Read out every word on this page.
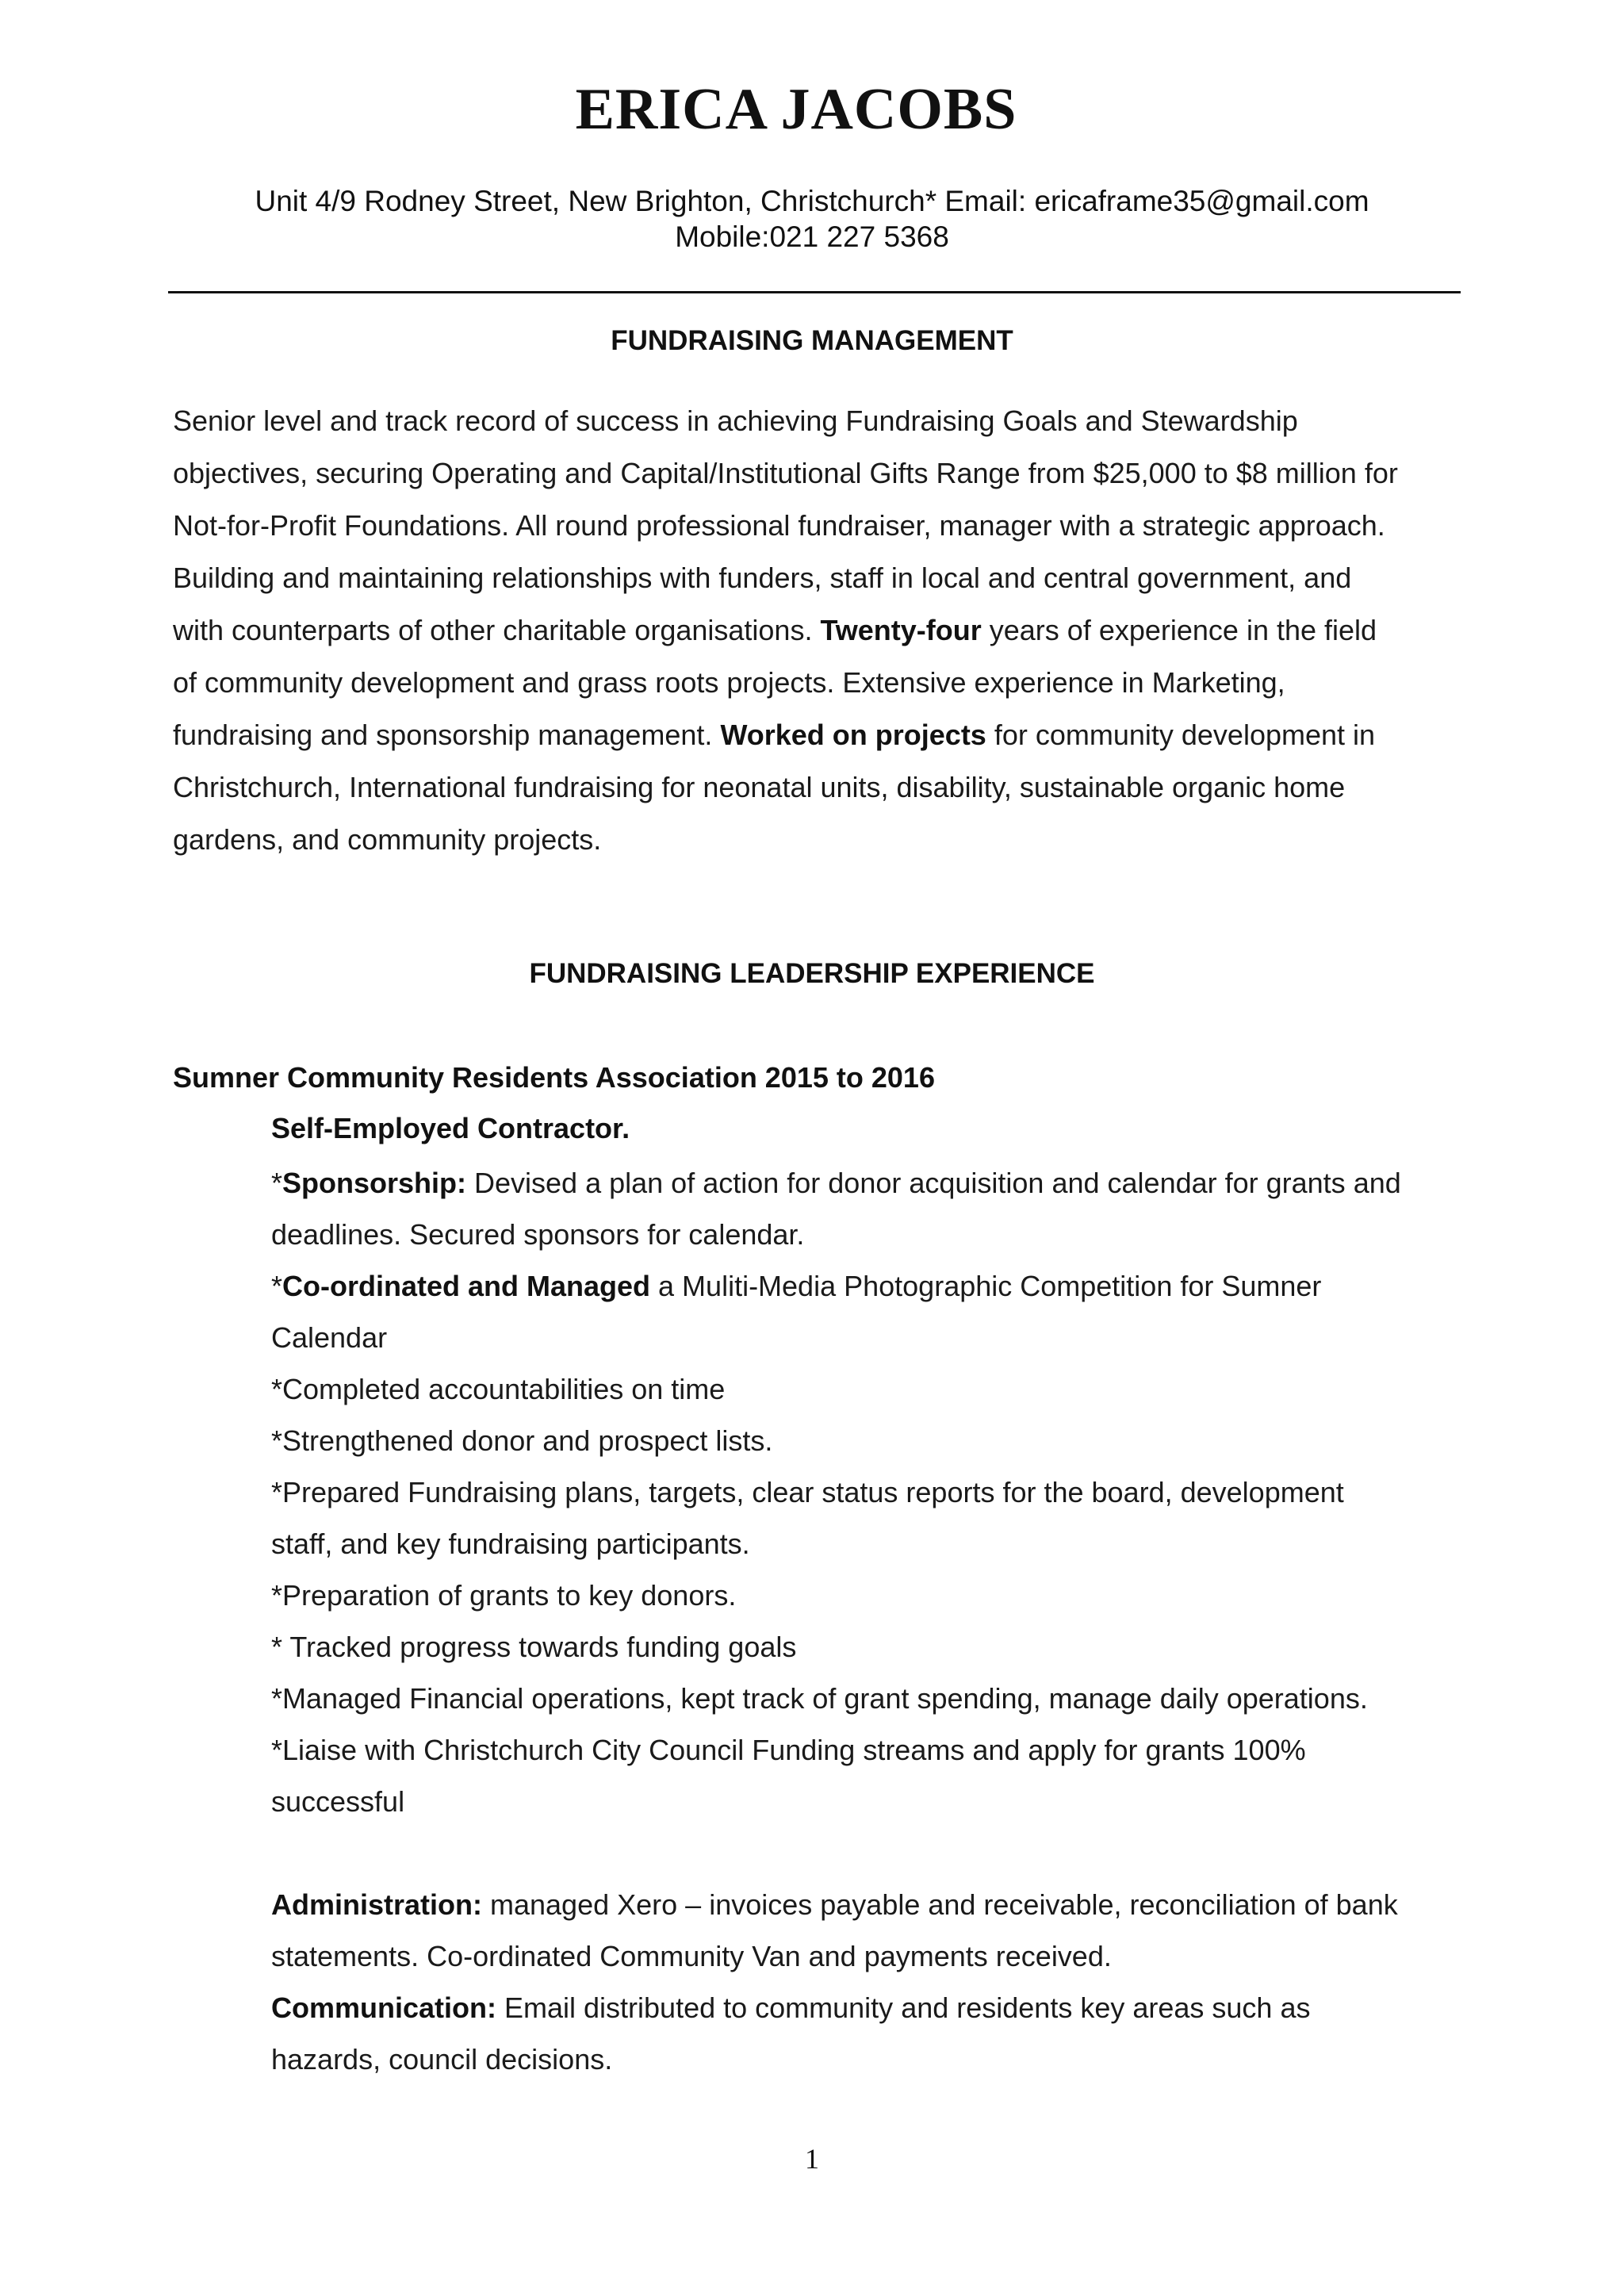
ERICA JACOBS
Unit 4/9 Rodney Street, New Brighton, Christchurch* Email: ericaframe35@gmail.com
Mobile:021 227 5368
FUNDRAISING MANAGEMENT
Senior level and track record of success in achieving Fundraising Goals and Stewardship
objectives, securing Operating and Capital/Institutional Gifts Range from $25,000 to $8 million for
Not-for-Profit Foundations. All round professional fundraiser, manager with a strategic approach.
Building and maintaining relationships with funders, staff in local and central government, and
with counterparts of other charitable organisations. Twenty-four years of experience in the field
of community development and grass roots projects. Extensive experience in Marketing,
fundraising and sponsorship management. Worked on projects for community development in
Christchurch, International fundraising for neonatal units, disability, sustainable organic home
gardens, and community projects.
FUNDRAISING LEADERSHIP EXPERIENCE
Sumner Community Residents Association 2015 to 2016
Self-Employed Contractor.
*Sponsorship: Devised a plan of action for donor acquisition and calendar for grants and
deadlines. Secured sponsors for calendar.
*Co-ordinated and Managed a Muliti-Media Photographic Competition for Sumner
Calendar
*Completed accountabilities on time
*Strengthened donor and prospect lists.
*Prepared Fundraising plans, targets, clear status reports for the board, development
staff, and key fundraising participants.
*Preparation of grants to key donors.
* Tracked progress towards funding goals
*Managed Financial operations, kept track of grant spending, manage daily operations.
*Liaise with Christchurch City Council Funding streams and apply for grants 100%
successful
Administration: managed Xero – invoices payable and receivable, reconciliation of bank
statements. Co-ordinated Community Van and payments received.
Communication: Email distributed to community and residents key areas such as
hazards, council decisions.
1
